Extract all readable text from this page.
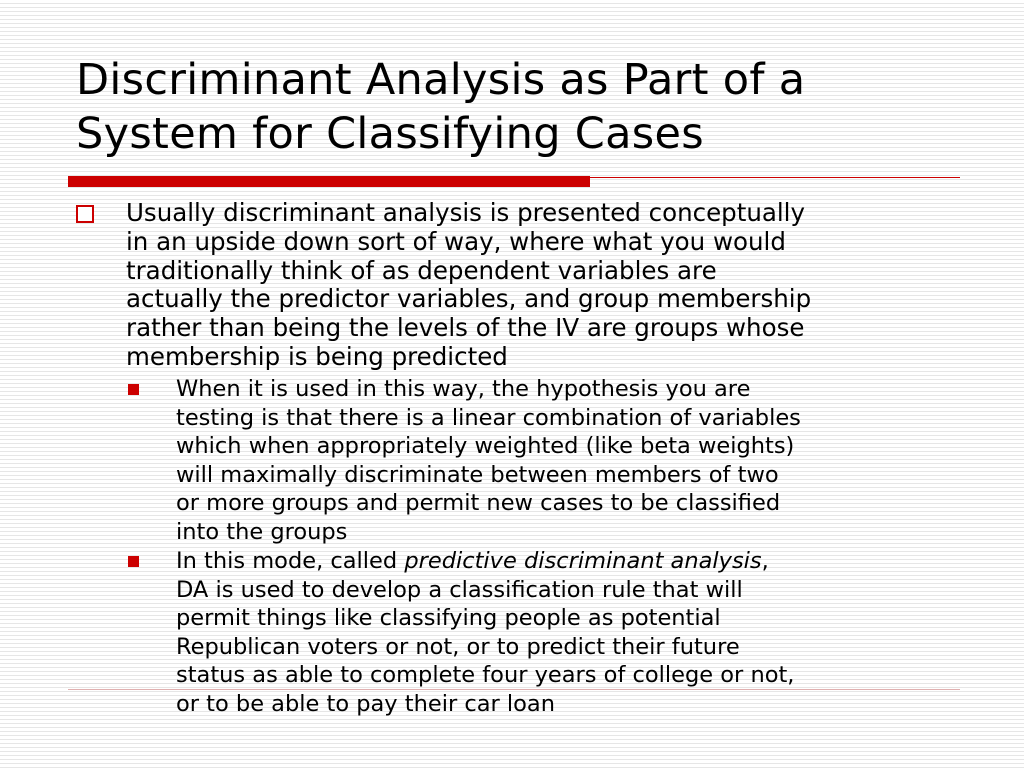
Discriminant Analysis as Part of a
System for Classifying Cases
Usually discriminant analysis is presented conceptually
in an upside down sort of way, where what you would
traditionally think of as dependent variables are
actually the predictor variables, and group membership
rather than being the levels of the IV are groups whose
membership is being predicted
When it is used in this way, the hypothesis you are
testing is that there is a linear combination of variables
which when appropriately weighted (like beta weights)
will maximally discriminate between members of two
or more groups and permit new cases to be classified
into the groups
In this mode, called predictive discriminant analysis,
DA is used to develop a classification rule that will
permit things like classifying people as potential
Republican voters or not, or to predict their future
status as able to complete four years of college or not,
or to be able to pay their car loan
